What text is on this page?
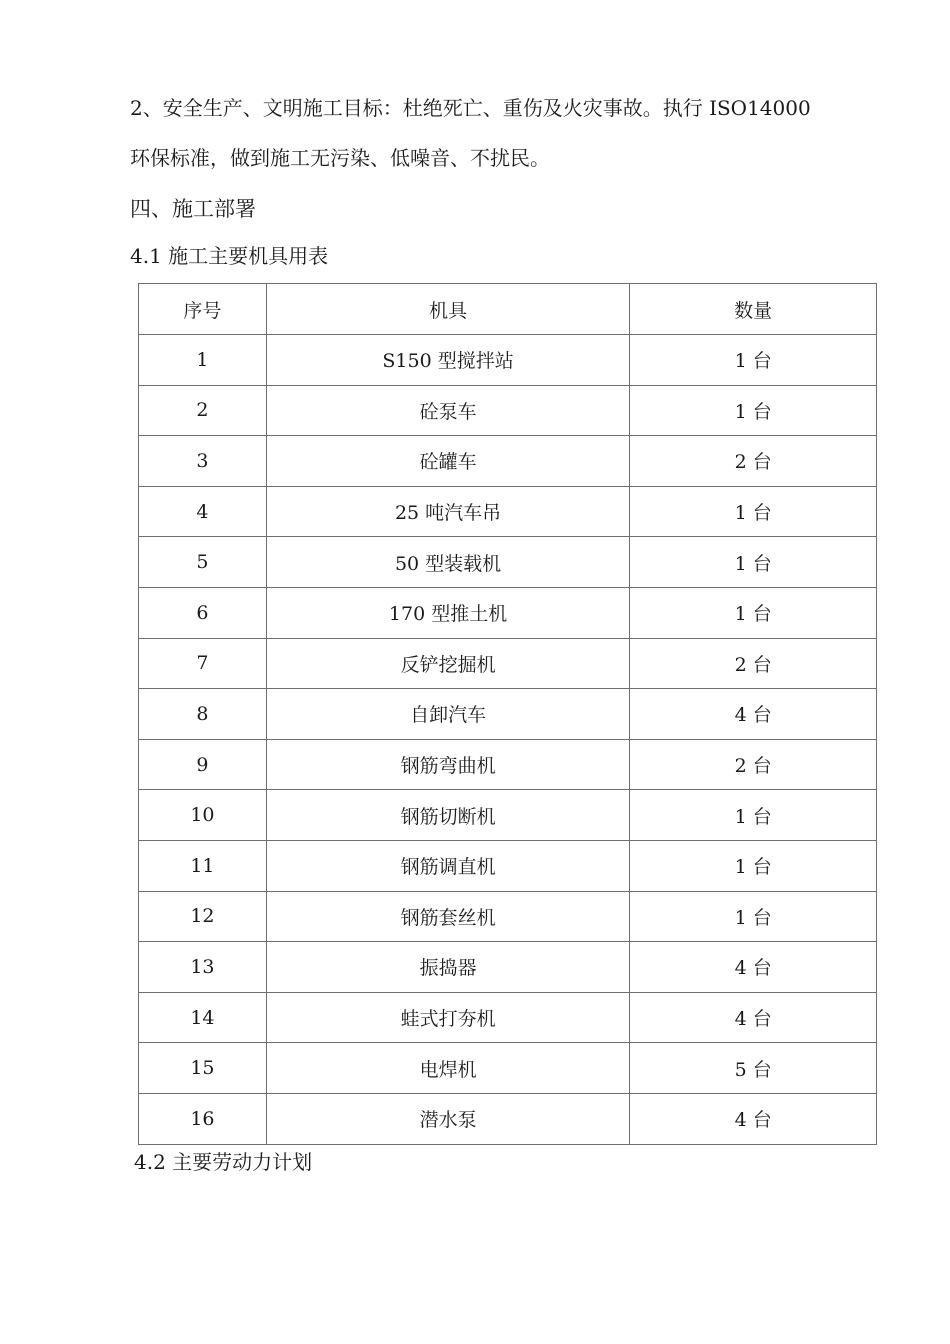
2、安全生产、文明施工目标：杜绝死亡、重伤及火灾事故。执行 ISO14000

环保标准，做到施工无污染、低噪音、不扰民。

四、施工部署

4.1 施工主要机具用表

序号	机具	数量
1	S150 型搅拌站	1 台
2	砼泵车	1 台
3	砼罐车	2 台
4	25 吨汽车吊	1 台
5	50 型装载机	1 台
6	170 型推土机	1 台
7	反铲挖掘机	2 台
8	自卸汽车	4 台
9	钢筋弯曲机	2 台
10	钢筋切断机	1 台
11	钢筋调直机	1 台
12	钢筋套丝机	1 台
13	振捣器	4 台
14	蛙式打夯机	4 台
15	电焊机	5 台
16	潜水泵	4 台

4.2 主要劳动力计划
